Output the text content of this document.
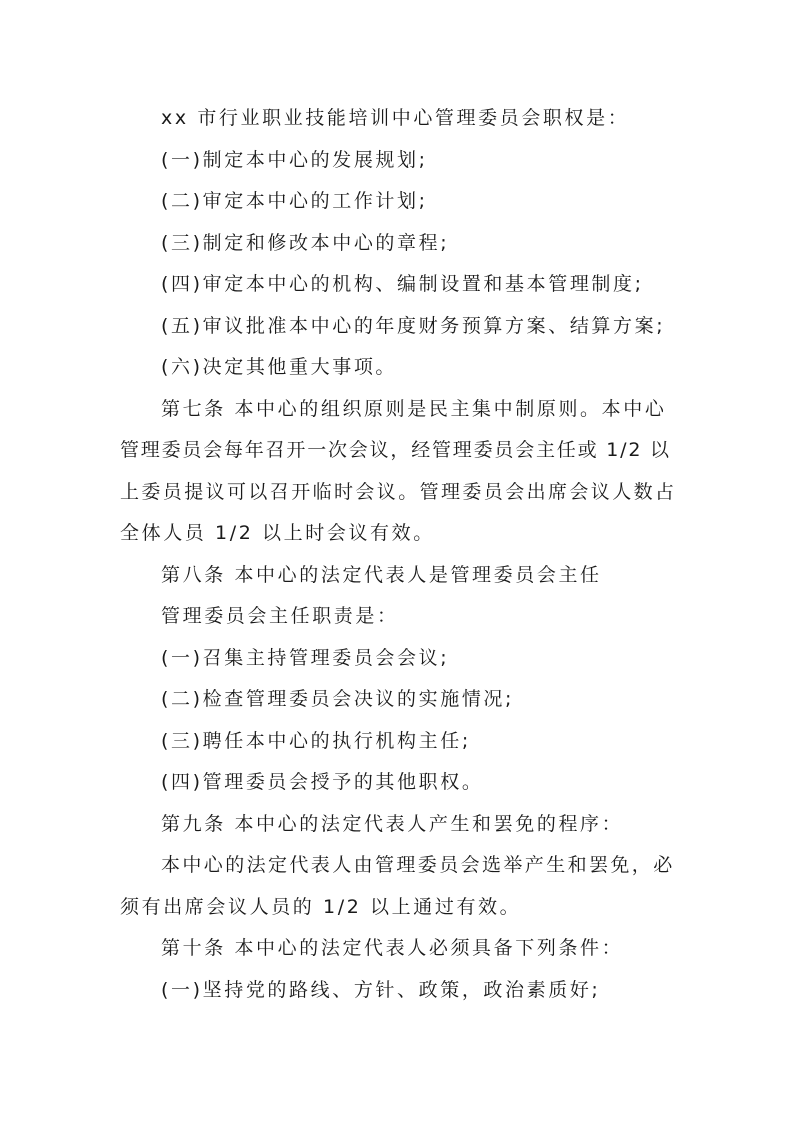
xx 市行业职业技能培训中心管理委员会职权是：
(一)制定本中心的发展规划;
(二)审定本中心的工作计划;
(三)制定和修改本中心的章程;
(四)审定本中心的机构、编制设置和基本管理制度;
(五)审议批准本中心的年度财务预算方案、结算方案;
(六)决定其他重大事项。
第七条 本中心的组织原则是民主集中制原则。本中心
管理委员会每年召开一次会议，经管理委员会主任或 1/2 以
上委员提议可以召开临时会议。管理委员会出席会议人数占
全体人员 1/2 以上时会议有效。
第八条 本中心的法定代表人是管理委员会主任
管理委员会主任职责是：
(一)召集主持管理委员会会议;
(二)检查管理委员会决议的实施情况;
(三)聘任本中心的执行机构主任;
(四)管理委员会授予的其他职权。
第九条 本中心的法定代表人产生和罢免的程序：
本中心的法定代表人由管理委员会选举产生和罢免，必
须有出席会议人员的 1/2 以上通过有效。
第十条 本中心的法定代表人必须具备下列条件：
(一)坚持党的路线、方针、政策，政治素质好;
